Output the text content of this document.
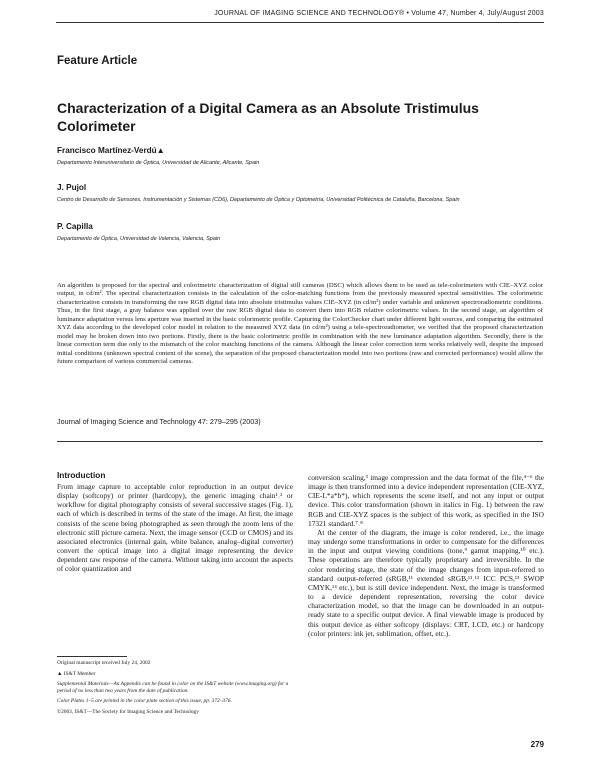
JOURNAL OF IMAGING SCIENCE AND TECHNOLOGY® • Volume 47, Number 4, July/August 2003
Feature Article
Characterization of a Digital Camera as an Absolute Tristimulus Colorimeter
Francisco Martínez-Verdú▲
Departamento Interuniversitario de Óptica, Universidad de Alicante, Alicante, Spain
J. Pujol
Centro de Desarrollo de Sensores, Instrumentación y Sistemas (CD6), Departamento de Óptica y Optometría, Universidad Politécnica de Cataluña, Barcelona, Spain
P. Capilla
Departamento de Óptica, Universidad de Valencia, Valencia, Spain

An algorithm is proposed for the spectral and colorimetric characterization of digital still cameras (DSC) which allows them to be used as tele-colorimeters with CIE–XYZ color output, in cd/m². The spectral characterization consists in the calculation of the color-matching functions from the previously measured spectral sensitivities. The colorimetric characterization consists in transforming the raw RGB digital data into absolute tristimulus values CIE–XYZ (in cd/m²) under variable and unknown spectroradiometric conditions. Thus, in the first stage, a gray balance was applied over the raw RGB digital data to convert them into RGB relative colorimetric values. In the second stage, an algorithm of luminance adaptation versus lens aperture was inserted in the basic colorimetric profile. Capturing the ColorChecker chart under different light sources, and comparing the estimated XYZ data according to the developed color model in relation to the measured XYZ data (in cd/m²) using a tele-spectroradiometer, we verified that the proposed characterization model may be broken down into two portions. Firstly, there is the basic colorimetric profile in combination with the new luminance adaptation algorithm. Secondly, there is the linear correction term due only to the mismatch of the color matching functions of the camera. Although the linear color correction term works relatively well, despite the imposed initial conditions (unknown spectral content of the scene), the separation of the proposed characterization model into two portions (raw and corrected performance) would allow the future comparison of various commercial cameras.

Journal of Imaging Science and Technology 47: 279–295 (2003)
Introduction

From image capture to acceptable color reproduction in an output device display (softcopy) or printer (hardcopy), the generic imaging chain¹˒² or workflow for digital photography consists of several successive stages (Fig. 1), each of which is described in terms of the state of the image. At first, the image consists of the scene being photographed as seen through the zoom lens of the electronic still picture camera. Next, the image sensor (CCD or CMOS) and its associated electronics (internal gain, white balance, analog–digital converter) convert the optical image into a digital image representing the device dependent raw response of the camera. Without taking into account the aspects of color quantization and

conversion scaling,³ image compression and the data format of the file,⁴⁻⁶ the image is then transformed into a device independent representation (CIE-XYZ, CIE-L*a*b*), which represents the scene itself, and not any input or output device. This color transformation (shown in italics in Fig. 1) between the raw RGB and CIE-XYZ spaces is the subject of this work, as specified in the ISO 17321 standard.⁷˒⁸

At the center of the diagram, the image is color rendered, i.e., the image may undergo some transformations in order to compensate for the differences in the input and output viewing conditions (tone,⁹ gamut mapping,¹⁰ etc.). These operations are therefore typically proprietary and irreversible. In the color rendering stage, the state of the image changes from input-referred to standard output-referred (sRGB,¹¹ extended sRGB,¹¹˒¹² ICC PCS,¹³ SWOP CMYK,¹⁴ etc.), but is still device independent. Next, the image is transformed to a device dependent representation, reversing the color device characterization model, so that the image can be downloaded in an output-ready state to a specific output device. A final viewable image is produced by this output device as either softcopy (displays: CRT, LCD, etc.) or hardcopy (color printers: ink jet, sublimation, offset, etc.).

Original manuscript received July 24, 2002

▲ IS&T Member

Supplemental Materials—An Appendix can be found in color on the IS&T website (www.imaging.org) for a period of no less than two years from the date of publication.

Color Plates 1–5 are printed in the color plate section of this issue, pp. 372–376.

©2003, IS&T—The Society for Imaging Science and Technology

279
